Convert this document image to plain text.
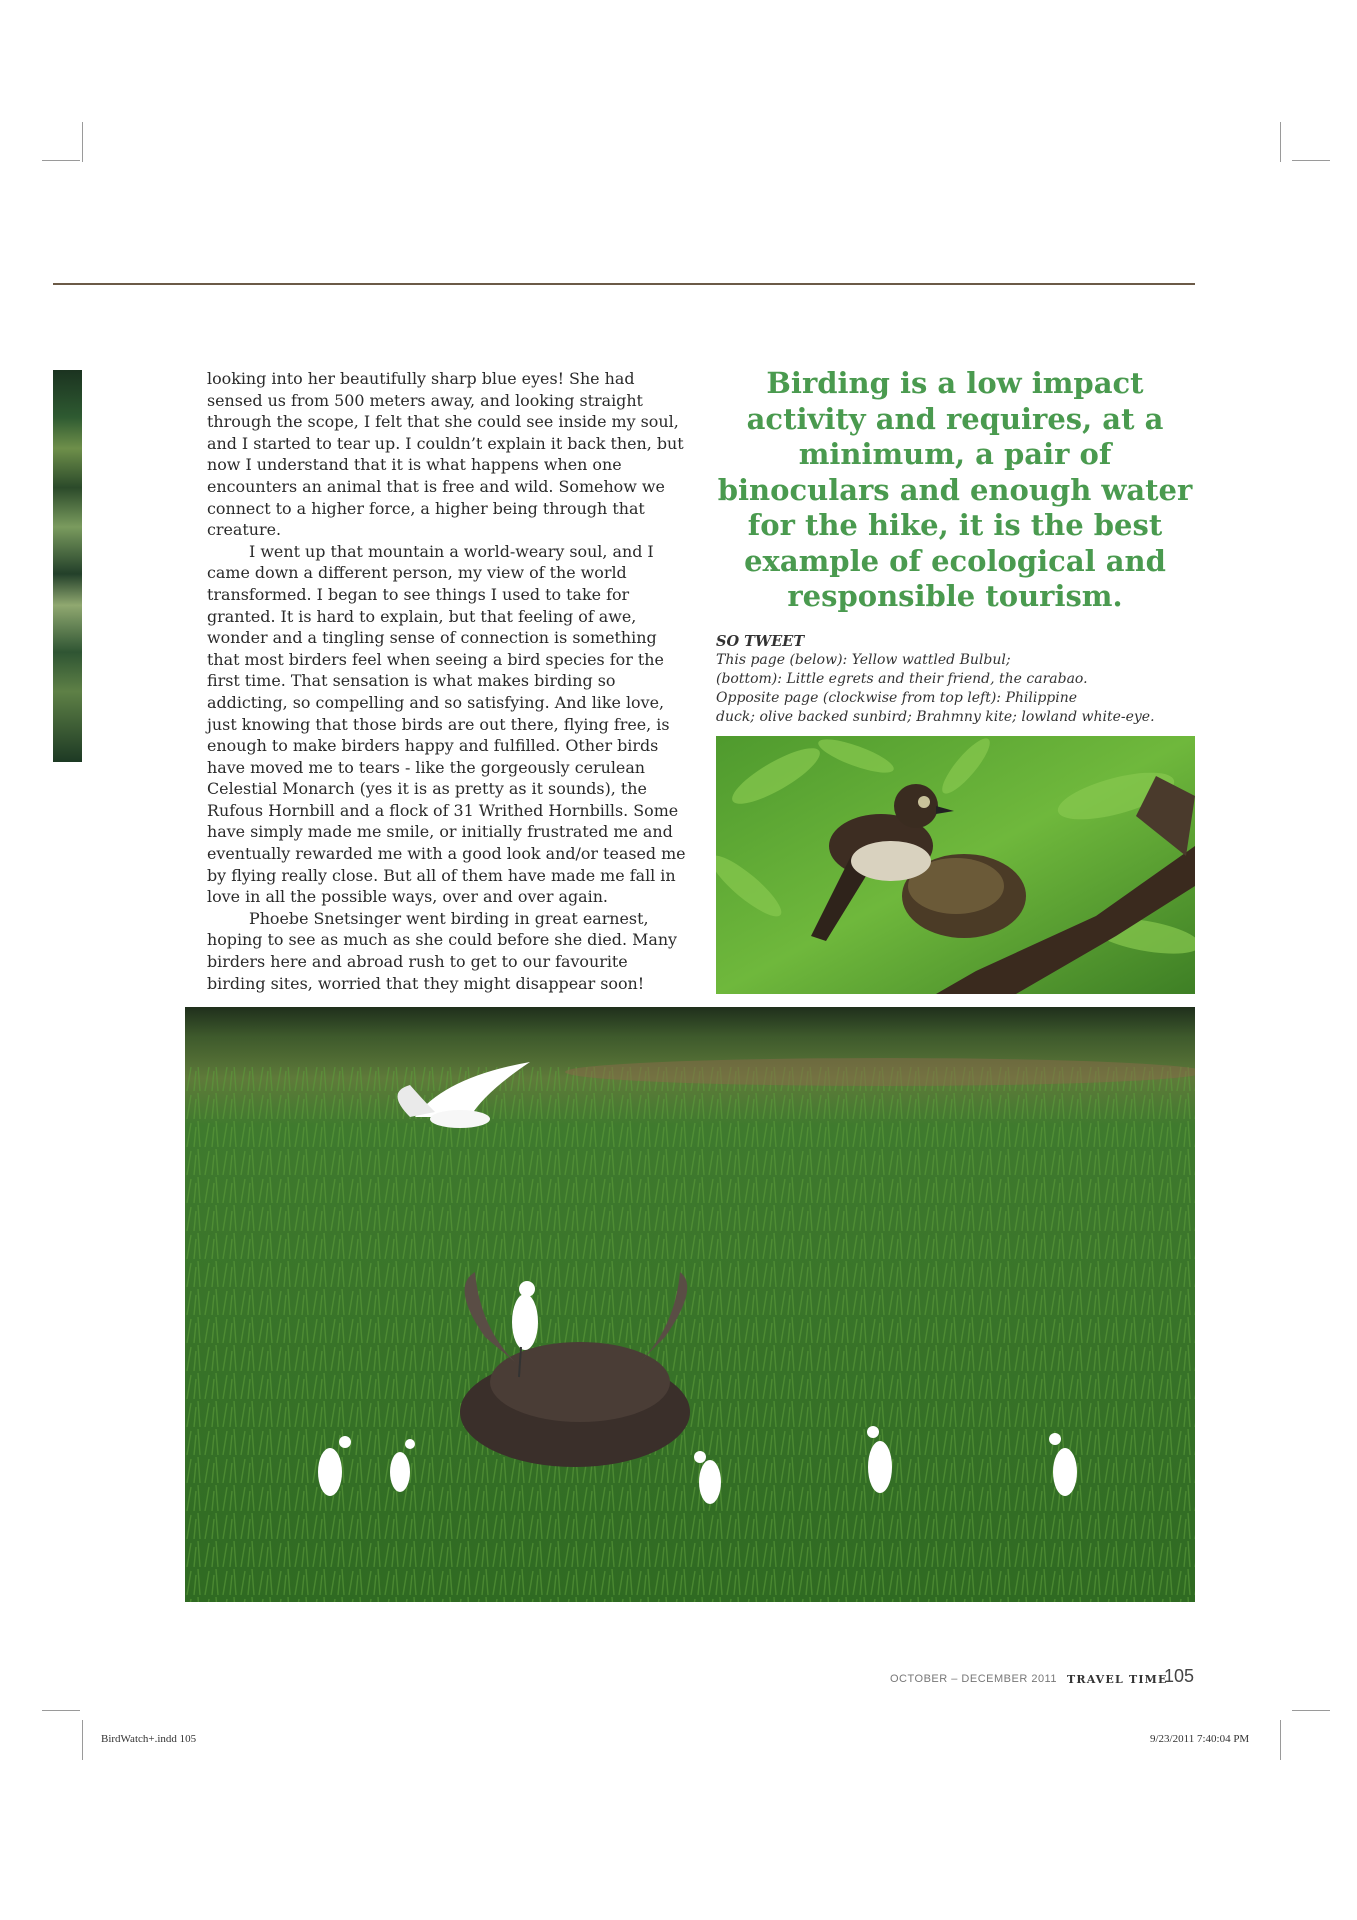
looking into her beautifully sharp blue eyes! She had sensed us from 500 meters away, and looking straight through the scope, I felt that she could see inside my soul, and I started to tear up. I couldn’t explain it back then, but now I understand that it is what happens when one encounters an animal that is free and wild. Somehow we connect to a higher force, a higher being through that creature.

I went up that mountain a world-weary soul, and I came down a different person, my view of the world transformed. I began to see things I used to take for granted. It is hard to explain, but that feeling of awe, wonder and a tingling sense of connection is something that most birders feel when seeing a bird species for the first time. That sensation is what makes birding so addicting, so compelling and so satisfying. And like love, just knowing that those birds are out there, flying free, is enough to make birders happy and fulfilled. Other birds have moved me to tears - like the gorgeously cerulean Celestial Monarch (yes it is as pretty as it sounds), the Rufous Hornbill and a flock of 31 Writhed Hornbills. Some have simply made me smile, or initially frustrated me and eventually rewarded me with a good look and/or teased me by flying really close. But all of them have made me fall in love in all the possible ways, over and over again.

Phoebe Snetsinger went birding in great earnest, hoping to see as much as she could before she died. Many birders here and abroad rush to get to our favourite birding sites, worried that they might disappear soon!

Birding is a low impact activity and requires, at a minimum, a pair of binoculars and enough water for the hike, it is the best example of ecological and responsible tourism.
SO TWEET
This page (below): Yellow wattled Bulbul;
(bottom): Little egrets and their friend, the carabao.
Opposite page (clockwise from top left): Philippine
duck; olive backed sunbird; Brahmny kite; lowland white-eye.
OCTOBER – DECEMBER 2011 TRAVEL TIME
105
BirdWatch+.indd 105	9/23/2011 7:40:04 PM
